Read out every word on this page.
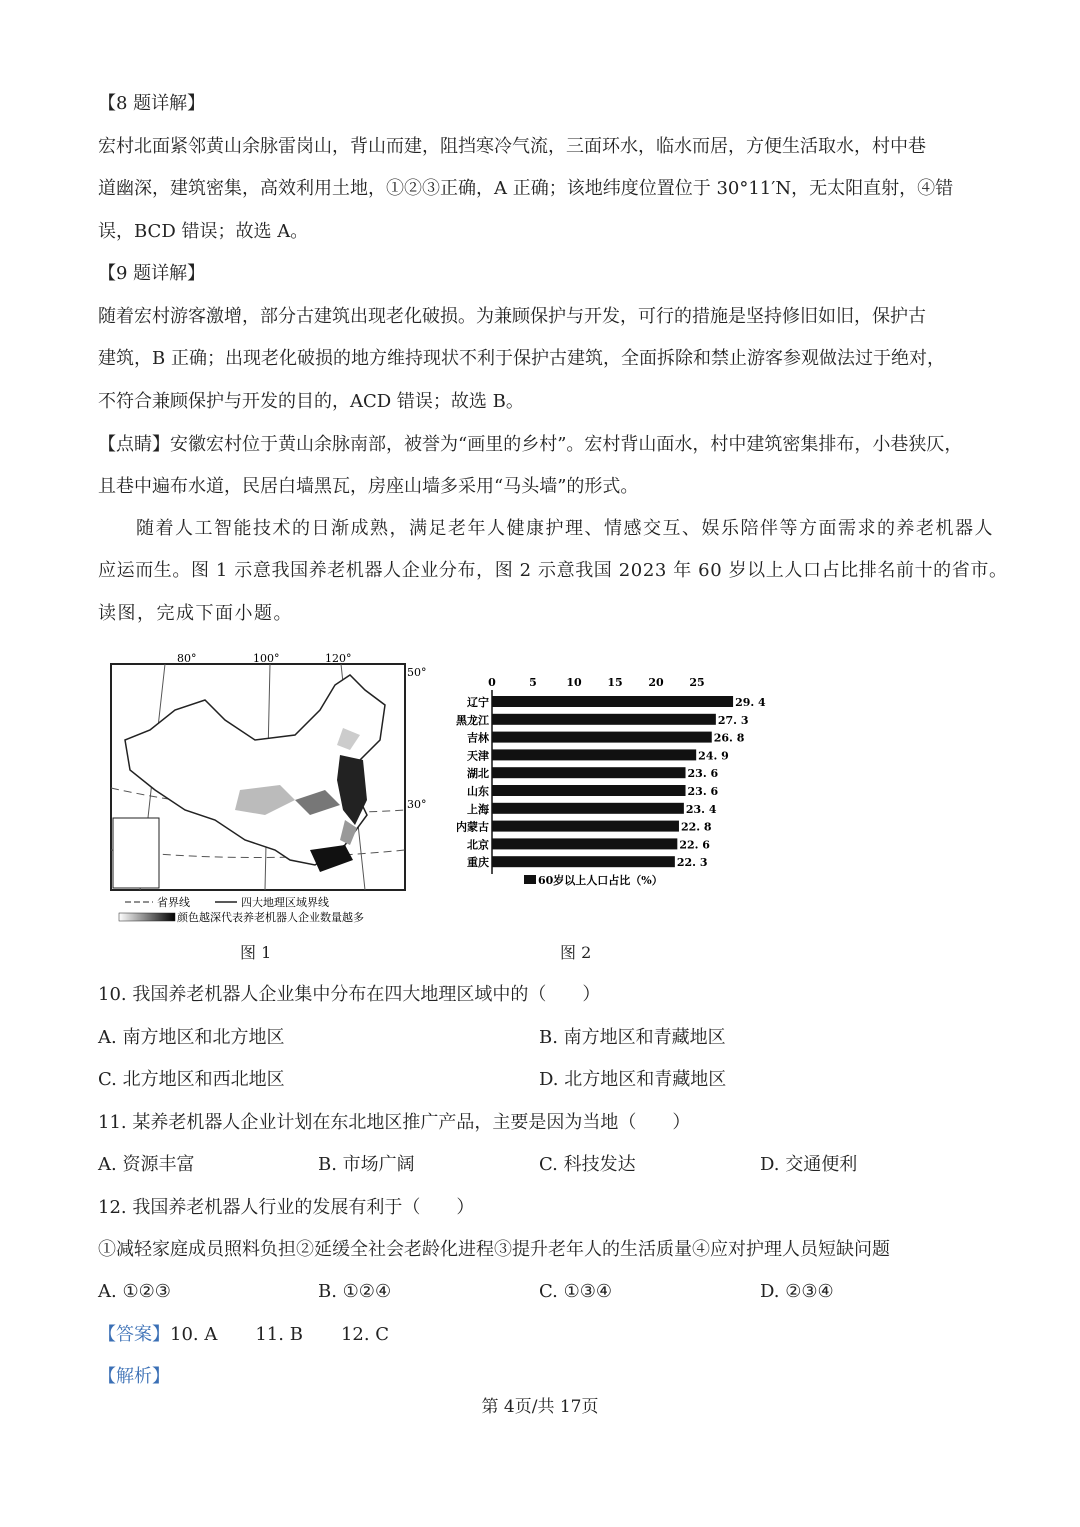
【8 题详解】
宏村北面紧邻黄山余脉雷岗山，背山而建，阻挡寒冷气流，三面环水，临水而居，方便生活取水，村中巷
道幽深，建筑密集，高效利用土地，①②③正确，A 正确；该地纬度位置位于 30°11′N，无太阳直射，④错
误，BCD 错误；故选 A。
【9 题详解】
随着宏村游客激增，部分古建筑出现老化破损。为兼顾保护与开发，可行的措施是坚持修旧如旧，保护古
建筑，B 正确；出现老化破损的地方维持现状不利于保护古建筑，全面拆除和禁止游客参观做法过于绝对，
不符合兼顾保护与开发的目的，ACD 错误；故选 B。
【点睛】安徽宏村位于黄山余脉南部，被誉为“画里的乡村”。宏村背山面水，村中建筑密集排布，小巷狭仄，
且巷中遍布水道，民居白墙黑瓦，房座山墙多采用“马头墙”的形式。
随着人工智能技术的日渐成熟，满足老年人健康护理、情感交互、娱乐陪伴等方面需求的养老机器人
应运而生。图 1 示意我国养老机器人企业分布，图 2 示意我国 2023 年 60 岁以上人口占比排名前十的省市。
读图，完成下面小题。
80°	100°	120°
50°
30°
省界线	四大地理区域界线
颜色越深代表养老机器人企业数量越多
图 1
0	5	10 15 20 25
辽宁	29. 4
黑龙江	27. 3
吉林	26. 8
天津	24. 9
湖北	23. 6
山东	23. 6
上海	23. 4
内蒙古	22. 8
北京	22. 6
重庆	22. 3
60岁以上人口占比（%）
图 2
10. 我国养老机器人企业集中分布在四大地理区域中的（　　）
A. 南方地区和北方地区	B. 南方地区和青藏地区
C. 北方地区和西北地区	D. 北方地区和青藏地区
11. 某养老机器人企业计划在东北地区推广产品，主要是因为当地（　　）
A. 资源丰富	B. 市场广阔	C. 科技发达	D. 交通便利
12. 我国养老机器人行业的发展有利于（　　）
①减轻家庭成员照料负担②延缓全社会老龄化进程③提升老年人的生活质量④应对护理人员短缺问题
A. ①②③	B. ①②④	C. ①③④	D. ②③④
【答案】10. A 11. B 12. C
【解析】
第 4页/共 17页
